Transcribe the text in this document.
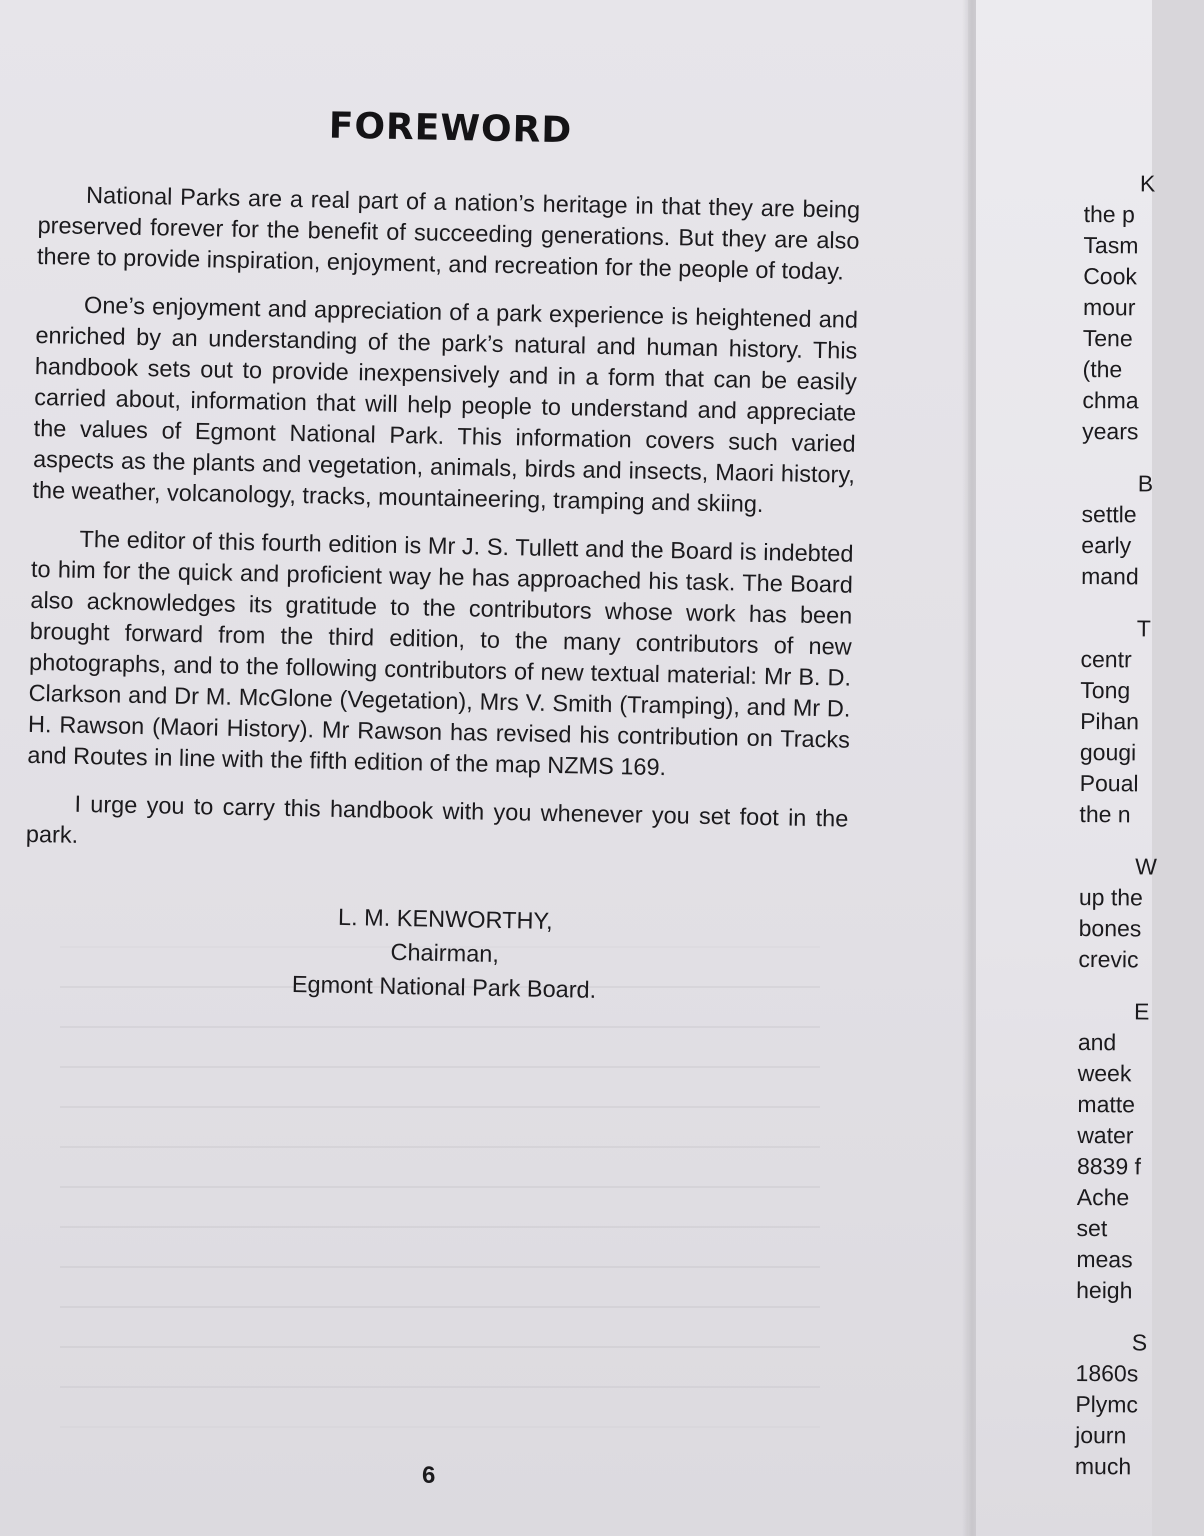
FOREWORD

National Parks are a real part of a nation’s heritage in that they are being preserved forever for the benefit of succeeding generations. But they are also there to provide inspiration, enjoyment, and recreation for the people of today.

One’s enjoyment and appreciation of a park experience is heightened and enriched by an understanding of the park’s natural and human history. This handbook sets out to provide inexpensively and in a form that can be easily carried about, information that will help people to understand and appreciate the values of Egmont National Park. This information covers such varied aspects as the plants and vegetation, animals, birds and insects, Maori history, the weather, volcanology, tracks, mountaineering, tramping and skiing.

The editor of this fourth edition is Mr J. S. Tullett and the Board is indebted to him for the quick and proficient way he has approached his task. The Board also acknowledges its gratitude to the contributors whose work has been brought forward from the third edition, to the many contributors of new photographs, and to the following contributors of new textual material: Mr B. D. Clarkson and Dr M. McGlone (Vegetation), Mrs V. Smith (Tramping), and Mr D. H. Rawson (Maori History). Mr Rawson has revised his contribution on Tracks and Routes in line with the fifth edition of the map NZMS 169.

I urge you to carry this handbook with you whenever you set foot in the park.

L. M. KENWORTHY,
Chairman,
Egmont National Park Board.
6
K
the p
Tasm
Cook
mour
Tene
(the
chma
years
B
settle
early
mand
T
centr
Tong
Pihan
gougi
Poual
the n
W
up the
bones
crevic
E
and
week
matte
water
8839 f
Ache
set
meas
heigh
S
1860s
Plymc
journ
much
